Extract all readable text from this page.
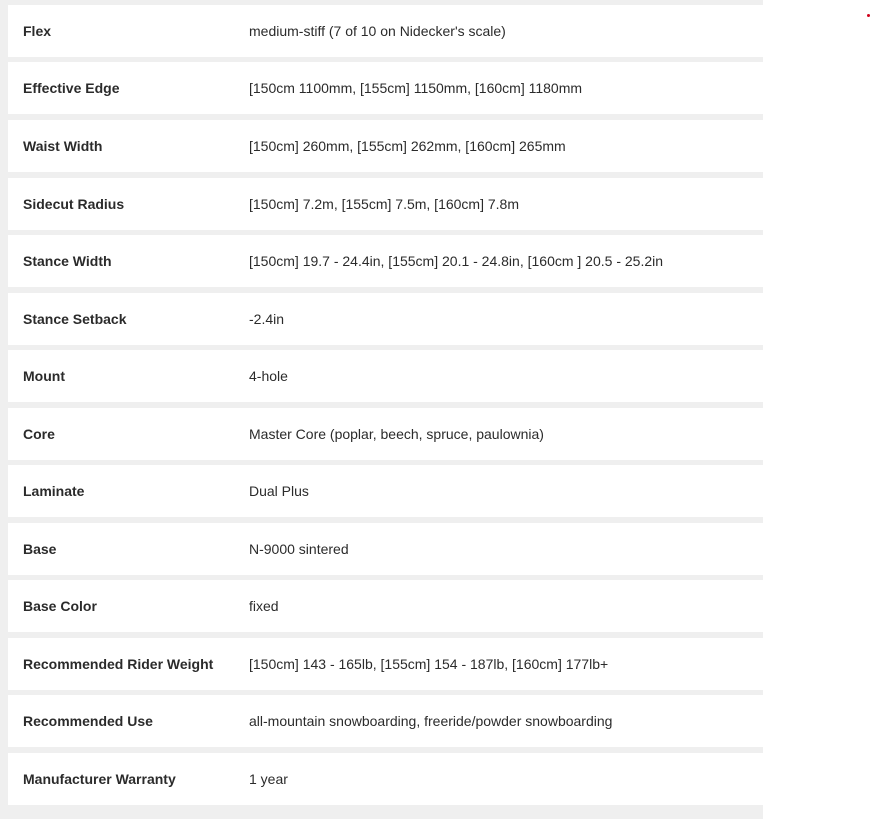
Flex	medium-stiff (7 of 10 on Nidecker's scale)
Effective Edge	[150cm 1100mm, [155cm] 1150mm, [160cm] 1180mm
Waist Width	[150cm] 260mm, [155cm] 262mm, [160cm] 265mm
Sidecut Radius	[150cm] 7.2m, [155cm] 7.5m, [160cm] 7.8m
Stance Width	[150cm] 19.7 - 24.4in, [155cm] 20.1 - 24.8in, [160cm ] 20.5 - 25.2in
Stance Setback	-2.4in
Mount	4-hole
Core	Master Core (poplar, beech, spruce, paulownia)
Laminate	Dual Plus
Base	N-9000 sintered
Base Color	fixed
Recommended Rider Weight	[150cm] 143 - 165lb, [155cm] 154 - 187lb, [160cm] 177lb+
Recommended Use	all-mountain snowboarding, freeride/powder snowboarding
Manufacturer Warranty	1 year
